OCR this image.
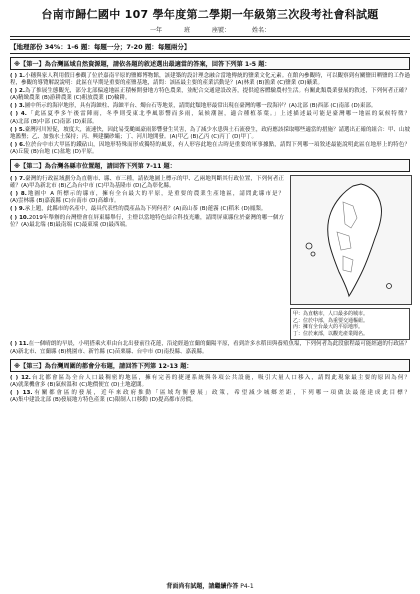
台南市歸仁國中 107 學年度第二學期一年級第三次段考社會科試題
一年	班	座號：	姓名：
【地理部份 34%：1-6 題：每題一分；7-20 題：每題兩分】
※【第一】為合灣區域自然資源題，請依各題的敘述選出最適當的答案，回答下列第 1-5 題：
( ) 1.小穗與家人利用假日參觀了位於嘉南平原的鹽鄉博物館，該建築的設計理念融合當地傳統的鹽業文化元素。在館內參觀時，可以觀察到有關鹽田晒鹽的工作過程，參觀的導覽解說說明：此區在早期是重要的產鹽基地，請問：該區最主要的產業活動是？(A)林業 (B)漁業 (C)鹽業 (D)礦業。
( ) 2.為了推展生態觀光，部分北部偏遠地區正積極開發地方特色農業，並配合交通建設改善，提供遊客體驗農村生活。有關此類農業發展的敘述，下列何者正確？(A)精緻農業 (B)游耕農業 (C)粗放農業 (D)輪耕。
( ) 3.圖中所示的海岸地形，具有海蝕柱、海蝕平台、燭台石等地景，請問此類地形最常出現在臺灣的哪一段海岸？(A)北部 (B)西部 (C)南部 (D)東部。
( ) 4.「此區夏季多午後雷陣雨，冬季則受東北季風影響而多雨，氣候潮濕，適合種植茶葉。」上述描述最可能是臺灣哪一地區的氣候特徵？(A)北部 (B)中部 (C)南部 (D)東部。
( ) 5.臺灣河川短促，坡度大，流速快，因此易受颱風豪雨影響發生災害，為了減少水患與土石流發生，政府應該採取哪些適當的措施？請選出正確的組合：甲、山坡地濫墾；乙、加強水土保持；丙、興建攔砂壩；丁、河川地開發。(A)甲乙 (B)乙丙 (C)丙丁 (D)甲丁。
( ) 6.位於台中市大甲區的鐵砧山，因地形特殊而形成獨特的風景，有人形容此地在古時是重要的軍事據點，請問下列哪一項敘述最能說明此區在地形上的特色？(A)丘陵 (B)台地 (C)盆地 (D)平原。
※【第二】為合灣各縣市位置題，請回答下列第 7-11 題：
( ) 7.臺灣的行政區域劃分為直轄市、縣、市三種，請依地圖上標示的甲、乙兩地判斷其行政位置，下列何者正確？(A)甲為新北市 (B)乙為台中市 (C)甲為基隆市 (D)乙為彰化縣。
( ) 8.地圖中 A 所標示的縣市，擁有全台最大的平原，是重要的農業生產地區，請問此縣市是？(A)雲林縣 (B)嘉義縣 (C)台南市 (D)高雄市。
( ) 9.承上題，此縣市的名產中，最具代表性的農產品為下列何者？(A)高山茶 (B)蓮霧 (C)稻米 (D)鳳梨。
( ) 10.2019年舉辦的台灣燈會在屏東縣舉行，主燈以當地特色結合科技光雕，請問屏東縣位於臺灣的哪一個方位？(A)最北端 (B)最南端 (C)最東端 (D)最西端。
甲：為直轄市，人口最多的城市。
乙：位於中部，為重要交通樞紐。
丙：擁有全台最大的平原地形。
丁：位於東部，以觀光產業聞名。
( ) 11.在一個晴朗的早晨，小明搭乘火車由台北出發前往花蓮，沿途經過宜蘭的蘭陽平原，看到許多水稻田與養殖魚塭，下列何者為此段旅程最可能經過的行政區？(A)新北市、宜蘭縣 (B)桃園市、新竹縣 (C)苗栗縣、台中市 (D)南投縣、嘉義縣。
※【第三】為台灣周圍的都會分布題，請回答下列第 12-13 題：
( ) 12.台北都會區為全台人口最稠密的地區，擁有完善的捷運系統與各項公共設施，吸引大量人口移入，請問此現象最主要的原因為何？(A)就業機會多 (B)氣候溫和 (C)地價便宜 (D)土地遼闊。
( ) 13.有關都會區的發展，近年來政府推動「區域均衡發展」政策，希望減少城鄉差距，下列哪一項做法最能達成此目標？(A)集中建設北部 (B)發展地方特色產業 (C)限制人口移動 (D)提高都市房價。
背面尚有試題，請繼續作答 P4-1
